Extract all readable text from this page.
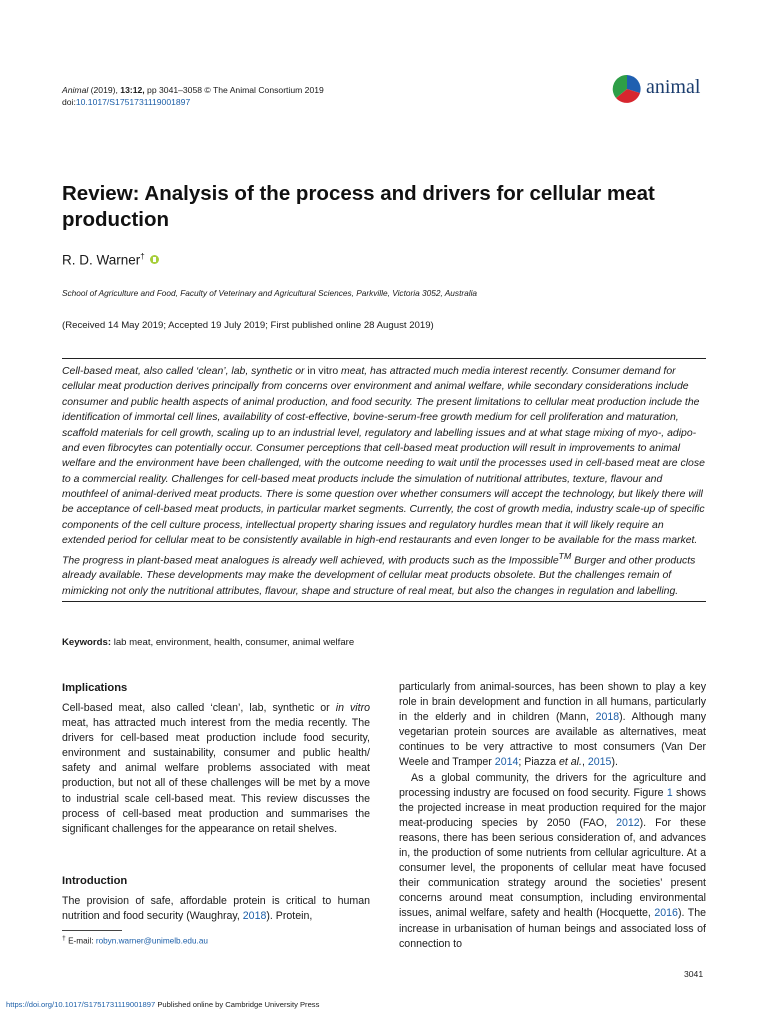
Animal (2019), 13:12, pp 3041–3058 © The Animal Consortium 2019
doi:10.1017/S1751731119001897
animal
Review: Analysis of the process and drivers for cellular meat production
R. D. Warner†
School of Agriculture and Food, Faculty of Veterinary and Agricultural Sciences, Parkville, Victoria 3052, Australia
(Received 14 May 2019; Accepted 19 July 2019; First published online 28 August 2019)

Cell-based meat, also called ‘clean’, lab, synthetic or in vitro meat, has attracted much media interest recently. Consumer demand for cellular meat production derives principally from concerns over environment and animal welfare, while secondary considerations include consumer and public health aspects of animal production, and food security. The present limitations to cellular meat production include the identification of immortal cell lines, availability of cost-effective, bovine-serum-free growth medium for cell proliferation and maturation, scaffold materials for cell growth, scaling up to an industrial level, regulatory and labelling issues and at what stage mixing of myo-, adipo- and even fibrocytes can potentially occur. Consumer perceptions that cell-based meat production will result in improvements to animal welfare and the environment have been challenged, with the outcome needing to wait until the processes used in cell-based meat are close to a commercial reality. Challenges for cell-based meat products include the simulation of nutritional attributes, texture, flavour and mouthfeel of animal-derived meat products. There is some question over whether consumers will accept the technology, but likely there will be acceptance of cell-based meat products, in particular market segments. Currently, the cost of growth media, industry scale-up of specific components of the cell culture process, intellectual property sharing issues and regulatory hurdles mean that it will likely require an extended period for cellular meat to be consistently available in high-end restaurants and even longer to be available for the mass market. The progress in plant-based meat analogues is already well achieved, with products such as the Impossible™ Burger and other products already available. These developments may make the development of cellular meat products obsolete. But the challenges remain of mimicking not only the nutritional attributes, flavour, shape and structure of real meat, but also the changes in regulation and labelling.

Keywords: lab meat, environment, health, consumer, animal welfare
Implications

Cell-based meat, also called ‘clean’, lab, synthetic or in vitro meat, has attracted much interest from the media recently. The drivers for cell-based meat production include food security, environment and sustainability, consumer and public health/ safety and animal welfare problems associated with meat production, but not all of these challenges will be met by a move to industrial scale cell-based meat. This review discusses the process of cell-based meat production and summarises the significant challenges for the appearance on retail shelves.

Introduction

The provision of safe, affordable protein is critical to human nutrition and food security (Waughray, 2018). Protein,

particularly from animal-sources, has been shown to play a key role in brain development and function in all humans, particularly in the elderly and in children (Mann, 2018). Although many vegetarian protein sources are available as alternatives, meat continues to be very attractive to most consumers (Van Der Weele and Tramper 2014; Piazza et al., 2015).

As a global community, the drivers for the agriculture and processing industry are focused on food security. Figure 1 shows the projected increase in meat production required for the major meat-producing species by 2050 (FAO, 2012). For these reasons, there has been serious consideration of, and advances in, the production of some nutrients from cellular agriculture. At a consumer level, the proponents of cellular meat have focused their communication strategy around the societies’ present concerns around meat consumption, including environmental issues, animal welfare, safety and health (Hocquette, 2016). The increase in urbanisation of human beings and associated loss of connection to

† E-mail: robyn.warner@unimelb.edu.au
3041
https://doi.org/10.1017/S1751731119001897 Published online by Cambridge University Press
